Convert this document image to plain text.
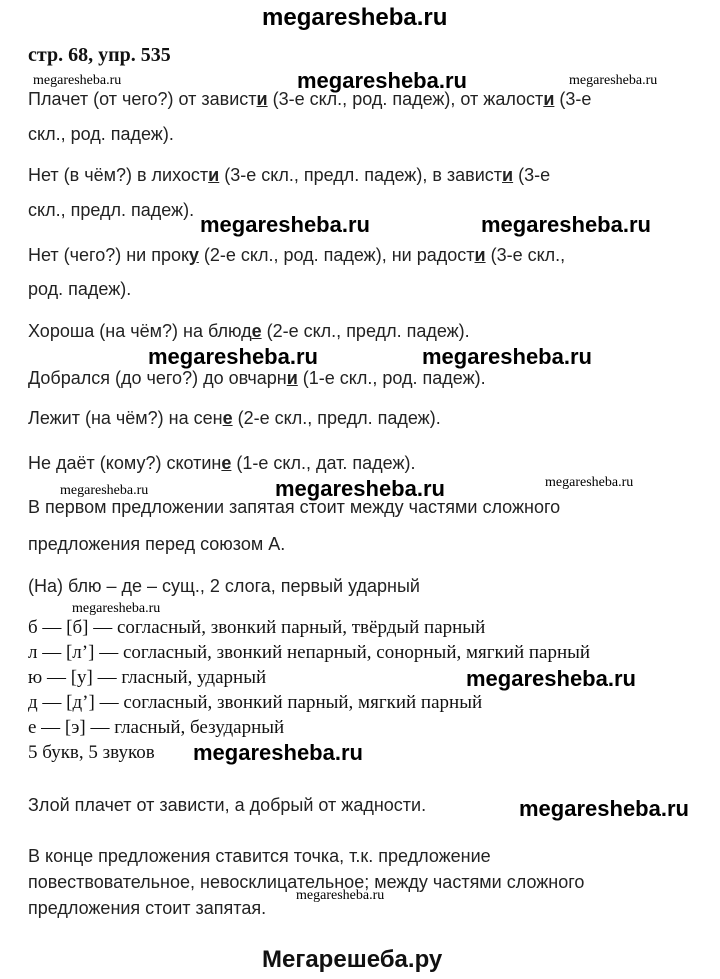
megaresheba.ru
стр. 68, упр. 535
megaresheba.ru	megaresheba.ru	megaresheba.ru
megaresheba.ru	megaresheba.ru
megaresheba.ru	megaresheba.ru
megaresheba.ru
megaresheba.ru	megaresheba.ru
megaresheba.ru
megaresheba.ru
megaresheba.ru
megaresheba.ru
megaresheba.ru
Плачет (от чего?) от зависти (3-е скл., род. падеж), от жалости (3-е
скл., род. падеж).
Нет (в чём?) в лихости (3-е скл., предл. падеж), в зависти (3-е
скл., предл. падеж).
Нет (чего?) ни проку (2-е скл., род. падеж), ни радости (3-е скл.,
род. падеж).
Хороша (на чём?) на блюде (2-е скл., предл. падеж).
Добрался (до чего?) до овчарни (1-е скл., род. падеж).
Лежит (на чём?) на сене (2-е скл., предл. падеж).
Не даёт (кому?) скотине (1-е скл., дат. падеж).
В первом предложении запятая стоит между частями сложного
предложения перед союзом А.
(На) блю – де – сущ., 2 слога, первый ударный
б — [б] — согласный, звонкий парный, твёрдый парный
л — [л’] — согласный, звонкий непарный, сонорный, мягкий парный
ю — [у] — гласный, ударный
д — [д’] — согласный, звонкий парный, мягкий парный
е — [э] — гласный, безударный
5 букв, 5 звуков
Злой плачет от зависти, а добрый от жадности.
В конце предложения ставится точка, т.к. предложение
повествовательное, невосклицательное; между частями сложного
предложения стоит запятая.
Мегарешеба.ру
